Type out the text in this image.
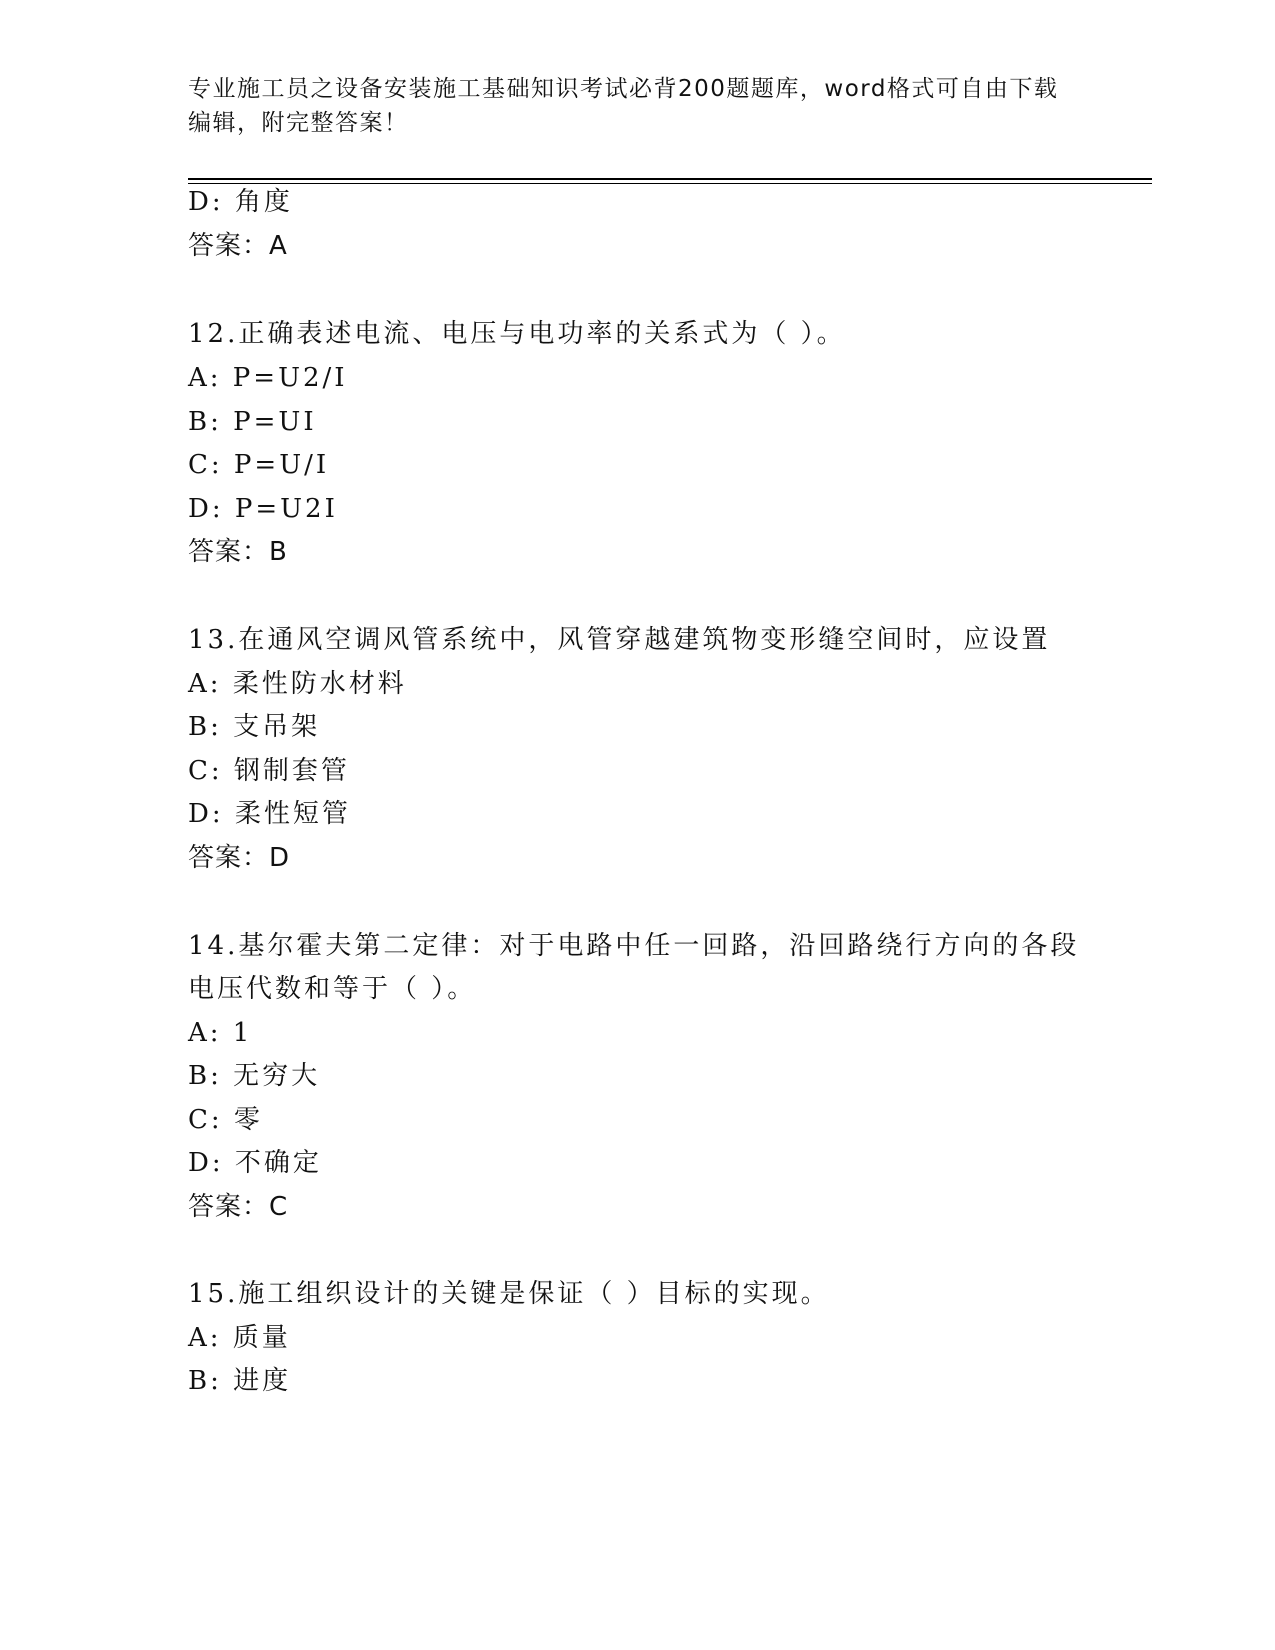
专业施工员之设备安装施工基础知识考试必背200题题库，word格式可自由下载
编辑，附完整答案！
D: 角度
答案：A
12.正确表述电流、电压与电功率的关系式为（ ）。
A: P=U2/I
B: P=UI
C: P=U/I
D: P=U2I
答案：B
13.在通风空调风管系统中，风管穿越建筑物变形缝空间时，应设置
A: 柔性防水材料
B: 支吊架
C: 钢制套管
D: 柔性短管
答案：D
14.基尔霍夫第二定律：对于电路中任一回路，沿回路绕行方向的各段
电压代数和等于（ ）。
A: 1
B: 无穷大
C: 零
D: 不确定
答案：C
15.施工组织设计的关键是保证（ ）目标的实现。
A: 质量
B: 进度
